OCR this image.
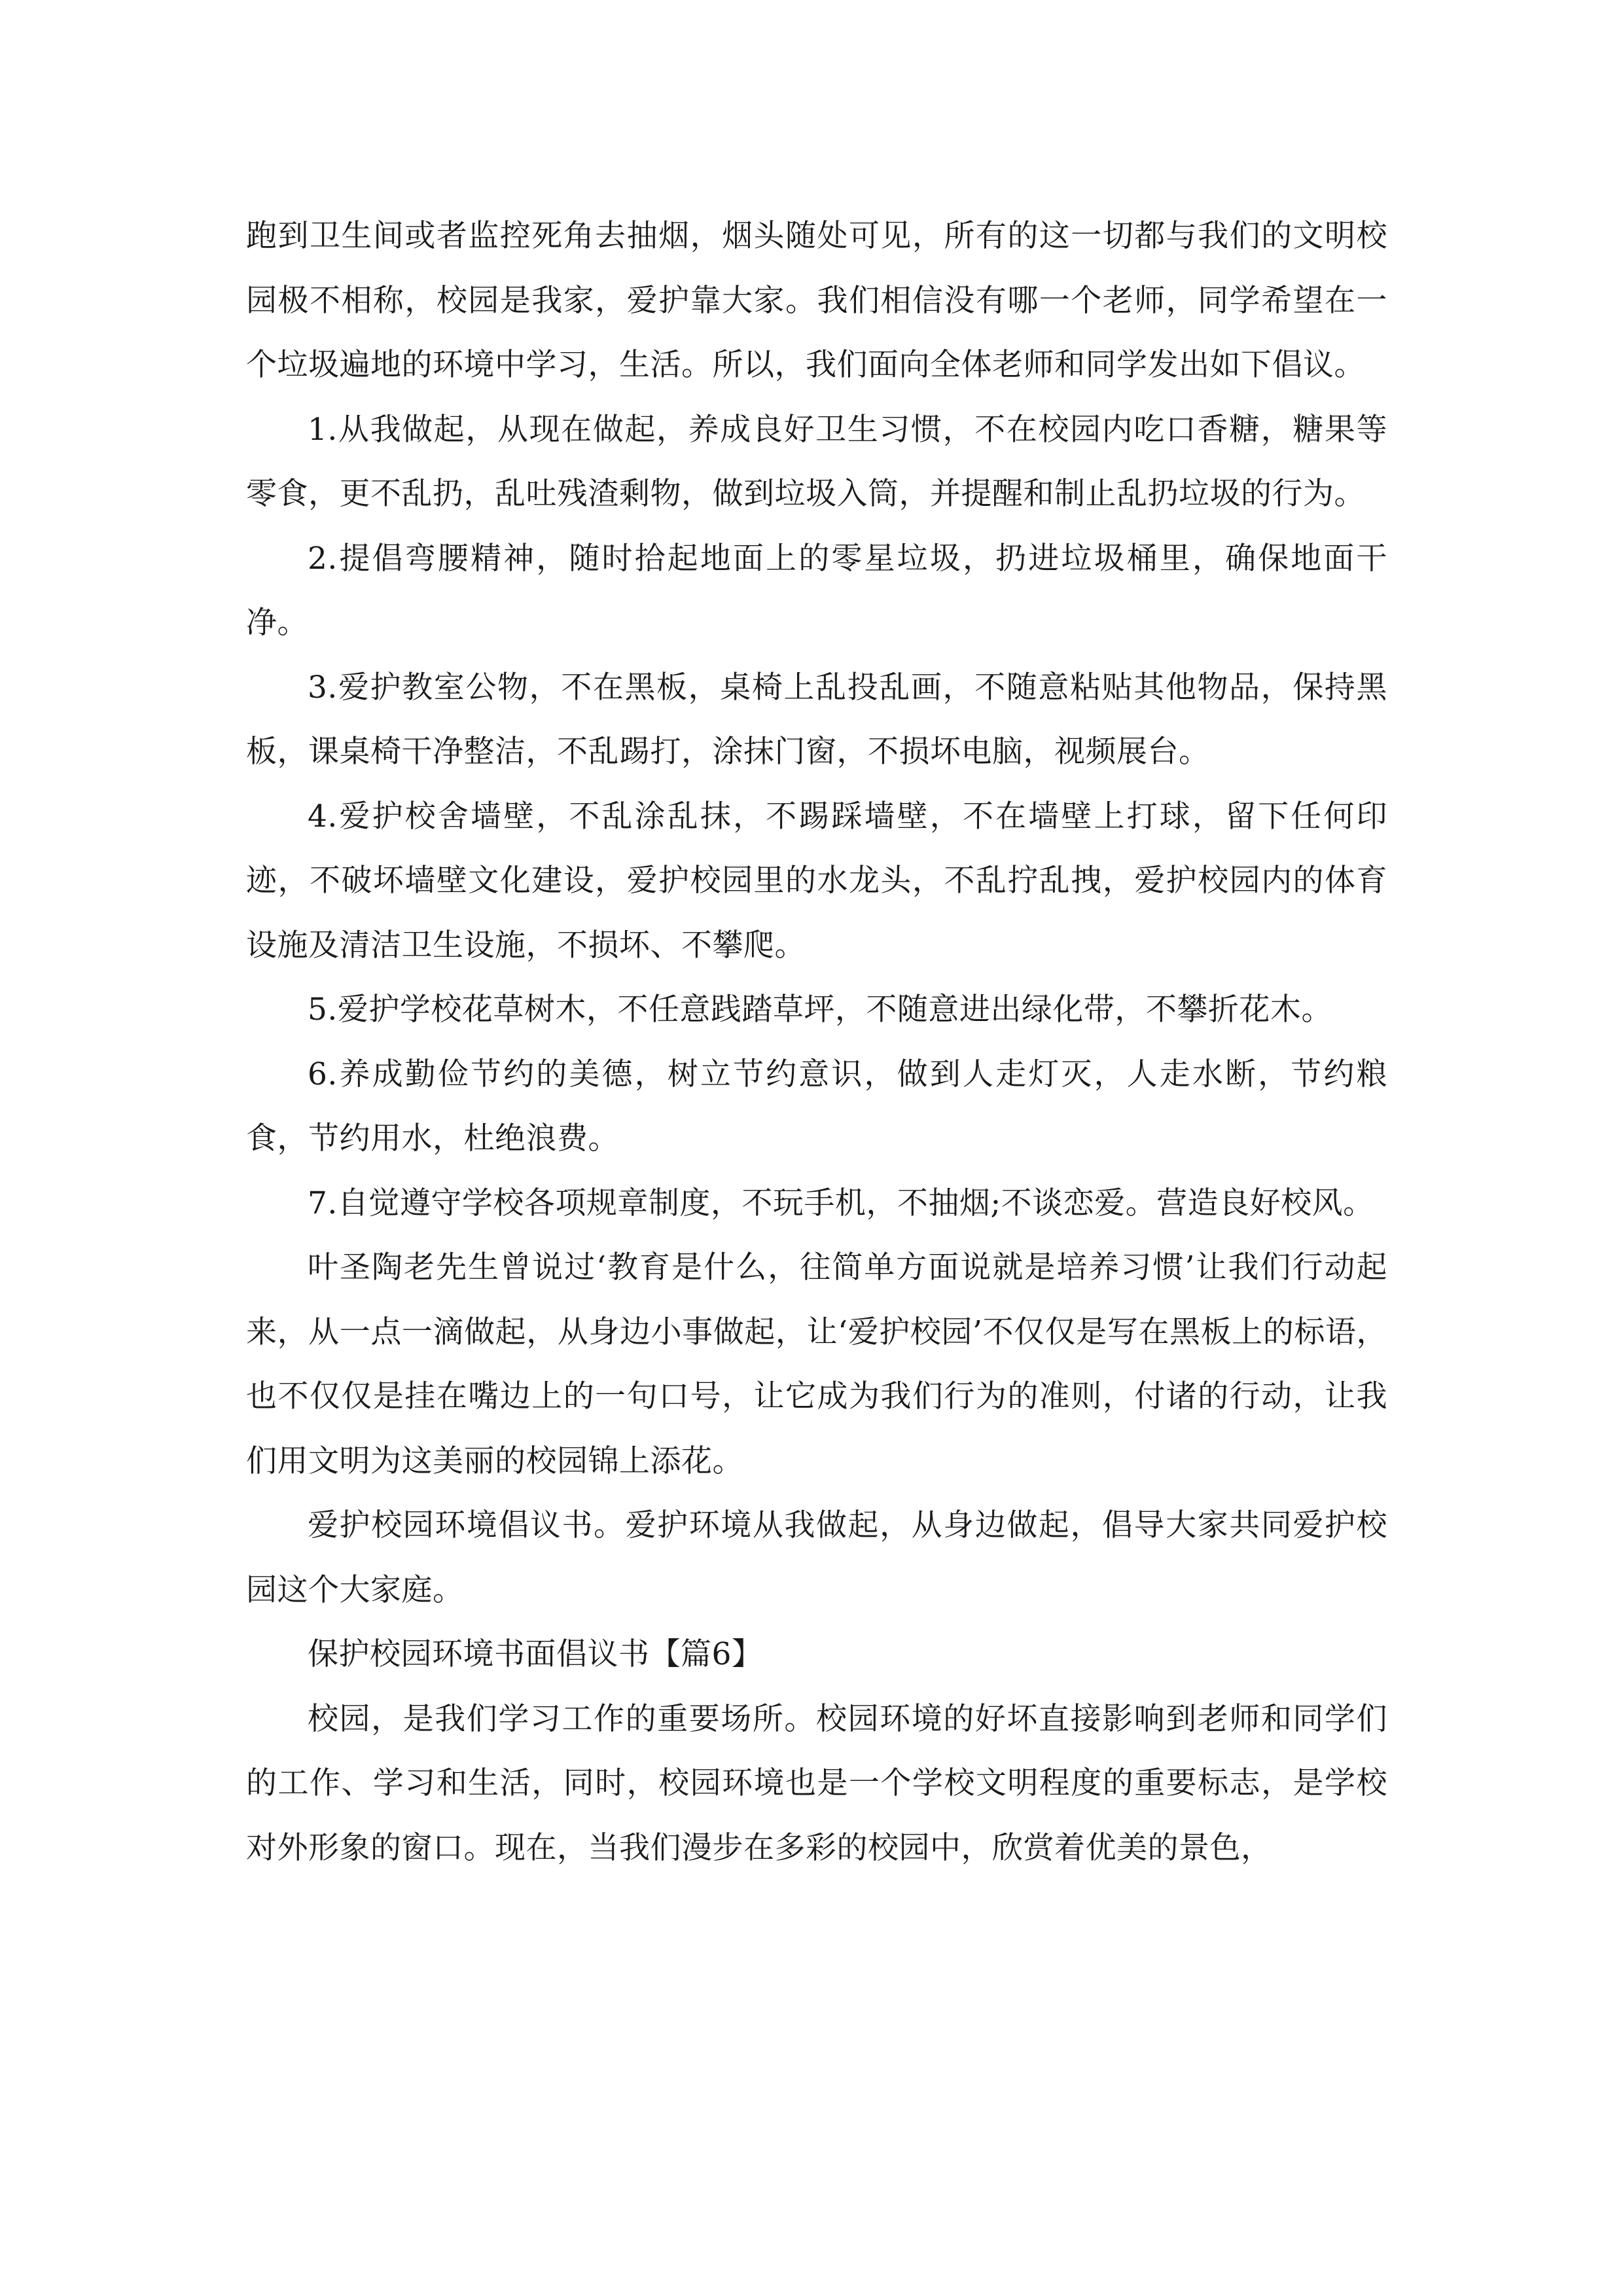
跑到卫生间或者监控死角去抽烟，烟头随处可见，所有的这一切都与我们的文明校园极不相称，校园是我家，爱护靠大家。我们相信没有哪一个老师，同学希望在一个垃圾遍地的环境中学习，生活。所以，我们面向全体老师和同学发出如下倡议。

1.从我做起，从现在做起，养成良好卫生习惯，不在校园内吃口香糖，糖果等零食，更不乱扔，乱吐残渣剩物，做到垃圾入筒，并提醒和制止乱扔垃圾的行为。

2.提倡弯腰精神，随时拾起地面上的零星垃圾，扔进垃圾桶里，确保地面干净。

3.爱护教室公物，不在黑板，桌椅上乱投乱画，不随意粘贴其他物品，保持黑板，课桌椅干净整洁，不乱踢打，涂抹门窗，不损坏电脑，视频展台。

4.爱护校舍墙壁，不乱涂乱抹，不踢踩墙壁，不在墙壁上打球，留下任何印迹，不破坏墙壁文化建设，爱护校园里的水龙头，不乱拧乱拽，爱护校园内的体育设施及清洁卫生设施，不损坏、不攀爬。

5.爱护学校花草树木，不任意践踏草坪，不随意进出绿化带，不攀折花木。

6.养成勤俭节约的美德，树立节约意识，做到人走灯灭，人走水断，节约粮食，节约用水，杜绝浪费。

7.自觉遵守学校各项规章制度，不玩手机，不抽烟;不谈恋爱。营造良好校风。

叶圣陶老先生曾说过‘教育是什么，往简单方面说就是培养习惯’让我们行动起来，从一点一滴做起，从身边小事做起，让‘爱护校园’不仅仅是写在黑板上的标语，也不仅仅是挂在嘴边上的一句口号，让它成为我们行为的准则，付诸的行动，让我们用文明为这美丽的校园锦上添花。

爱护校园环境倡议书。爱护环境从我做起，从身边做起，倡导大家共同爱护校园这个大家庭。

保护校园环境书面倡议书【篇6】

校园，是我们学习工作的重要场所。校园环境的好坏直接影响到老师和同学们的工作、学习和生活，同时，校园环境也是一个学校文明程度的重要标志，是学校对外形象的窗口。现在，当我们漫步在多彩的校园中，欣赏着优美的景色，
